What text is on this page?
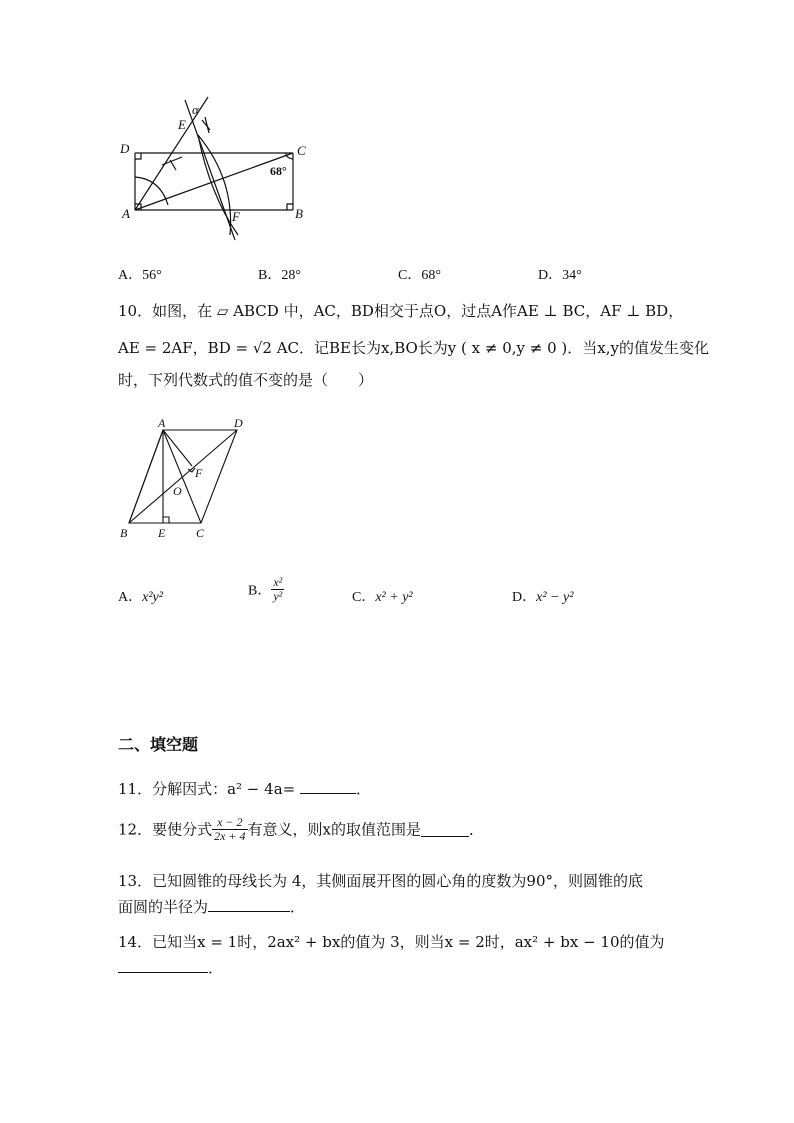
D	C
A	B
E
F
α
68°
A．56°	B．28°	C．68°	D．34°
10．如图，在 ▱ ABCD 中，AC，BD相交于点O，过点A作AE ⊥ BC，AF ⊥ BD，
AE = 2AF，BD = √2 AC．记BE长为x,BO长为y ( x ≠ 0,y ≠ 0 )．当x,y的值发生变化
时，下列代数式的值不变的是（　　）
A	D
F
O
B	E	C
A．x²y²	B． $\frac{\text{x²}}{\text{y²}}$	C．x² + y²	D．x² − y²
二、填空题
11．分解因式：a² − 4a=	．
12．要使分式 $\frac{x - 2}{2x + 4}$ 有意义，则x的取值范围是	．
13．已知圆锥的母线长为 4，其侧面展开图的圆心角的度数为90°，则圆锥的底
面圆的半径为	．
14．已知当x = 1时，2ax² + bx的值为 3，则当x = 2时，ax² + bx − 10的值为
．
